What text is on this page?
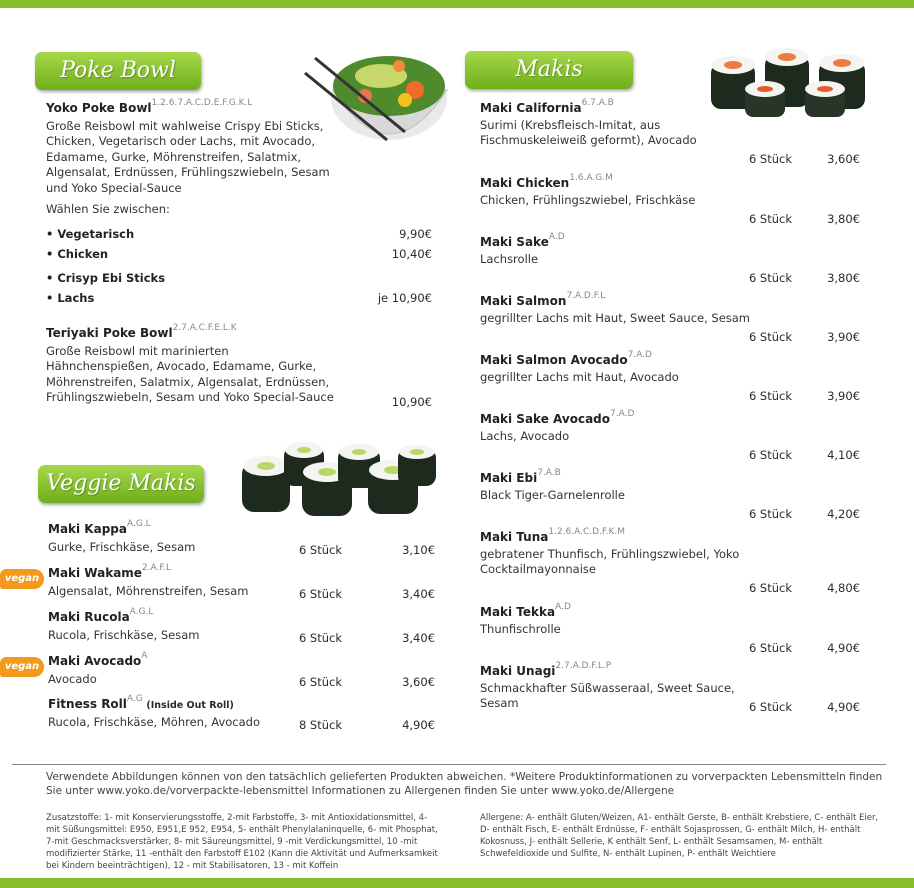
Poke Bowl	Makis
Veggie Makis
Yoko Poke Bowl$^{1.2.6.7.A.C.D.E.F.G.K.L}$
Große Reisbowl mit wahlweise Crispy Ebi Sticks, Chicken, Vegetarisch oder Lachs, mit Avocado, Edamame, Gurke, Möhrenstreifen, Salatmix, Algensalat, Erdnüssen, Frühlingszwiebeln, Sesam und Yoko Special-Sauce
Wählen Sie zwischen:
• Vegetarisch	9,90€
• Chicken	10,40€
• Crisyp Ebi Sticks
• Lachs	je 10,90€
Teriyaki Poke Bowl$^{2.7.A.C.F.E.L.K}$
Große Reisbowl mit marinierten Hähnchenspießen, Avocado, Edamame, Gurke, Möhrenstreifen, Salatmix, Algensalat, Erdnüssen, Frühlingszwiebeln, Sesam und Yoko Special-Sauce	10,90€
Maki Kappa$^{A.G.L}$
Gurke, Frischkäse, Sesam	6 Stück	3,10€
Maki Wakame$^{2.A.F.L}$
Algensalat, Möhrenstreifen, Sesam	6 Stück	3,40€
vegan
Maki Rucola$^{A.G.L}$
Rucola, Frischkäse, Sesam	6 Stück	3,40€
Maki Avocado$^A$
Avocado	6 Stück	3,60€
vegan
Fitness Roll$^{A.G}$ (Inside Out Roll)
Rucola, Frischkäse, Möhren, Avocado	8 Stück	4,90€
Maki California$^{6.7.A.B}$
Surimi (Krebsfleisch-Imitat, aus Fischmuskeleiweiß geformt), Avocado
6 Stück	3,60€
Maki Chicken$^{1.6.A.G.M}$
Chicken, Frühlingszwiebel, Frischkäse
6 Stück	3,80€
Maki Sake$^{A.D}$
Lachsrolle
6 Stück	3,80€
Maki Salmon$^{7.A.D.F.L}$
gegrillter Lachs mit Haut, Sweet Sauce, Sesam
6 Stück	3,90€
Maki Salmon Avocado$^{7.A.D}$
gegrillter Lachs mit Haut, Avocado
6 Stück	3,90€
Maki Sake Avocado$^{7.A.D}$
Lachs, Avocado
6 Stück	4,10€
Maki Ebi$^{7.A.B}$
Black Tiger-Garnelenrolle
6 Stück	4,20€
Maki Tuna$^{1.2.6.A.C.D.F.K.M}$
gebratener Thunfisch, Frühlingszwiebel, Yoko Cocktailmayonnaise
6 Stück	4,80€
Maki Tekka$^{A.D}$
Thunfischrolle
6 Stück	4,90€
Maki Unagi$^{2.7.A.D.F.L.P}$
Schmackhafter Süßwasseraal, Sweet Sauce, Sesam	6 Stück	4,90€
Verwendete Abbildungen können von den tatsächlich gelieferten Produkten abweichen. *Weitere Produktinformationen zu vorverpackten Lebensmitteln finden Sie unter www.yoko.de/vorverpackte-lebensmittel Informationen zu Allergenen finden Sie unter www.yoko.de/Allergene
Zusatzstoffe: 1- mit Konservierungsstoffe, 2-mit Farbstoffe, 3- mit Antioxidationsmittel, 4- mit Süßungsmittel: E950, E951,E 952, E954, 5- enthält Phenylalaninquelle, 6- mit Phosphat, 7-mit Geschmacksverstärker, 8- mit Säureungsmittel, 9 -mit Verdickungsmittel, 10 -mit modifizierter Stärke, 11 -enthält den Farbstoff E102 (Kann die Aktivität und Aufmerksamkeit bei Kindern beeinträchtigen), 12 - mit Stabilisatoren, 13 - mit Koffein
Allergene: A- enthält Gluten/Weizen, A1- enthält Gerste, B- enthält Krebstiere, C- enthält Eier, D- enthält Fisch, E- enthält Erdnüsse, F- enthält Sojasprossen, G- enthält Milch, H- enthält Kokosnuss, J- enthält Sellerie, K enthält Senf, L- enthält Sesamsamen, M- enthält Schwefeldioxide und Sulfite, N- enthält Lupinen, P- enthält Weichtiere
